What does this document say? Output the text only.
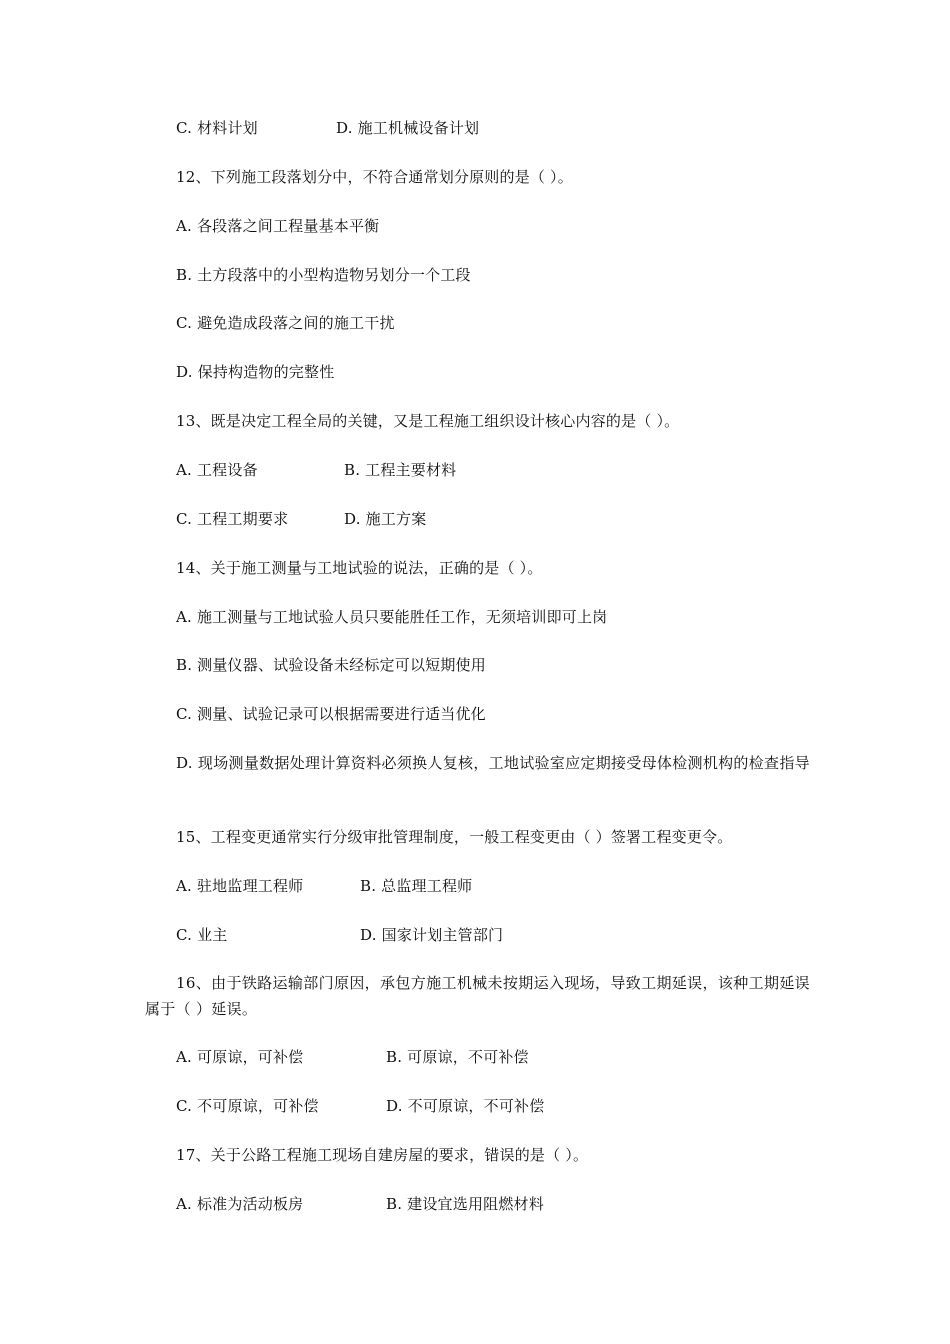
C. 材料计划	D. 施工机械设备计划
12、下列施工段落划分中，不符合通常划分原则的是（ ）。
A. 各段落之间工程量基本平衡
B. 土方段落中的小型构造物另划分一个工段
C. 避免造成段落之间的施工干扰
D. 保持构造物的完整性
13、既是决定工程全局的关键，又是工程施工组织设计核心内容的是（ ）。
A. 工程设备	B. 工程主要材料
C. 工程工期要求	D. 施工方案
14、关于施工测量与工地试验的说法，正确的是（ ）。
A. 施工测量与工地试验人员只要能胜任工作，无须培训即可上岗
B. 测量仪器、试验设备未经标定可以短期使用
C. 测量、试验记录可以根据需要进行适当优化
D. 现场测量数据处理计算资料必须换人复核，工地试验室应定期接受母体检测机构的检查指导
15、工程变更通常实行分级审批管理制度，一般工程变更由（ ）签署工程变更令。
A. 驻地监理工程师	B. 总监理工程师
C. 业主	D. 国家计划主管部门
16、由于铁路运输部门原因，承包方施工机械未按期运入现场，导致工期延误，该种工期延误属于（ ）延误。
A. 可原谅，可补偿	B. 可原谅，不可补偿
C. 不可原谅，可补偿	D. 不可原谅，不可补偿
17、关于公路工程施工现场自建房屋的要求，错误的是（ ）。
A. 标准为活动板房	B. 建设宜选用阻燃材料
